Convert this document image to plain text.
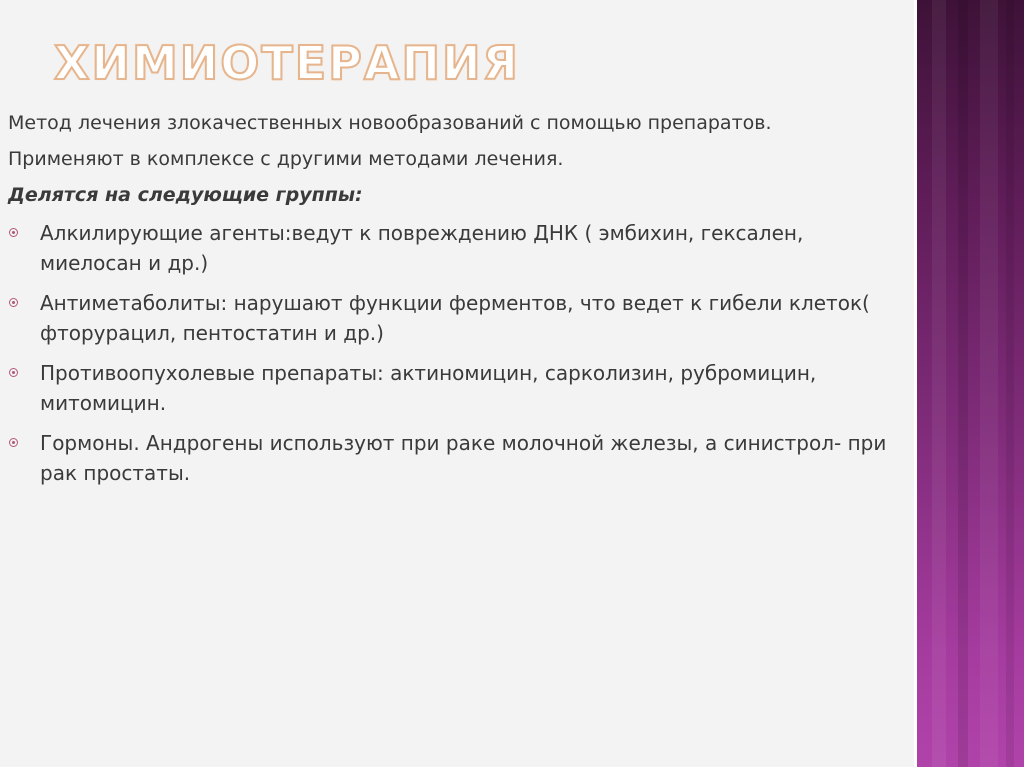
ХИМИОТЕРАПИЯ

Метод лечения злокачественных новообразований с помощью препаратов.

Применяют в комплексе с другими методами лечения.

Делятся на следующие группы:

Алкилирующие агенты:ведут к повреждению ДНК ( эмбихин, гексален, миелосан и др.)
Антиметаболиты: нарушают функции ферментов, что ведет к гибели клеток( фторурацил, пентостатин и др.)
Противоопухолевые препараты: актиномицин, сарколизин, рубромицин, митомицин.
Гормоны. Андрогены используют при раке молочной железы, а синистрол- при рак простаты.
